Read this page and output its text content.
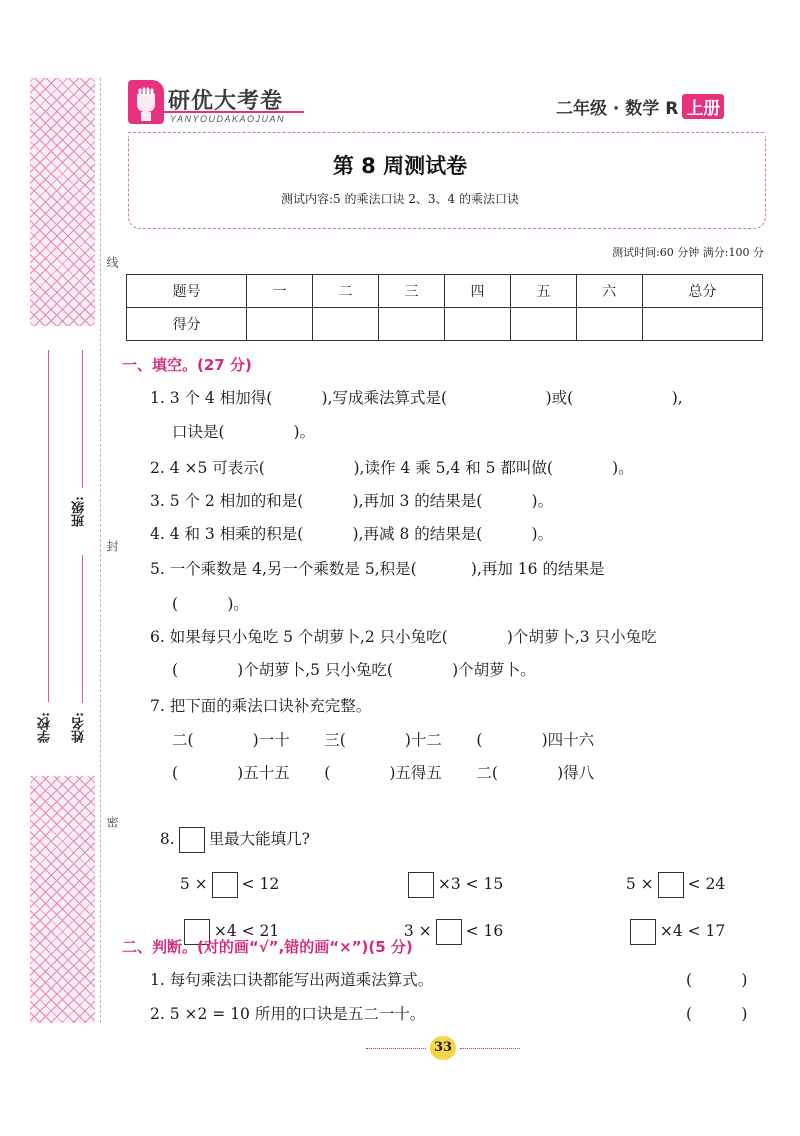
线
封
密
学校: 姓名:
班级:
研优大考卷
YANYOUDAKAOJUAN	二年级 · 数学 R 上册
第 8 周测试卷
测试内容:5 的乘法口诀 2、3、4 的乘法口诀
测试时间:60 分钟 满分:100 分
题号	一	二	三	四	五	六	总分
得分							
一、填空。(27 分)
1. 3 个 4 相加得(          ),写成乘法算式是(                    )或(                    ),
口诀是(              )。
2. 4 ×5 可表示(                  ),读作 4 乘 5,4 和 5 都叫做(            )。
3. 5 个 2 相加的和是(          ),再加 3 的结果是(          )。
4. 4 和 3 相乘的积是(          ),再减 8 的结果是(          )。
5. 一个乘数是 4,另一个乘数是 5,积是(           ),再加 16 的结果是
(          )。
6. 如果每只小兔吃 5 个胡萝卜,2 只小兔吃(            )个胡萝卜,3 只小兔吃
(            )个胡萝卜,5 只小兔吃(            )个胡萝卜。
7. 把下面的乘法口诀补充完整。
二(            )一十       三(            )十二       (            )四十六
(            )五十五       (            )五得五       二(            )得八

8. 里最大能填几?

5 × < 12	×3 < 15	5 × < 24

×4 < 21	3 × < 16	×4 < 17

二、判断。(对的画“√”,错的画“×”)(5 分)
1. 每句乘法口诀都能写出两道乘法算式。	(          )
2. 5 ×2 = 10 所用的口诀是五二一十。	(          )
33
